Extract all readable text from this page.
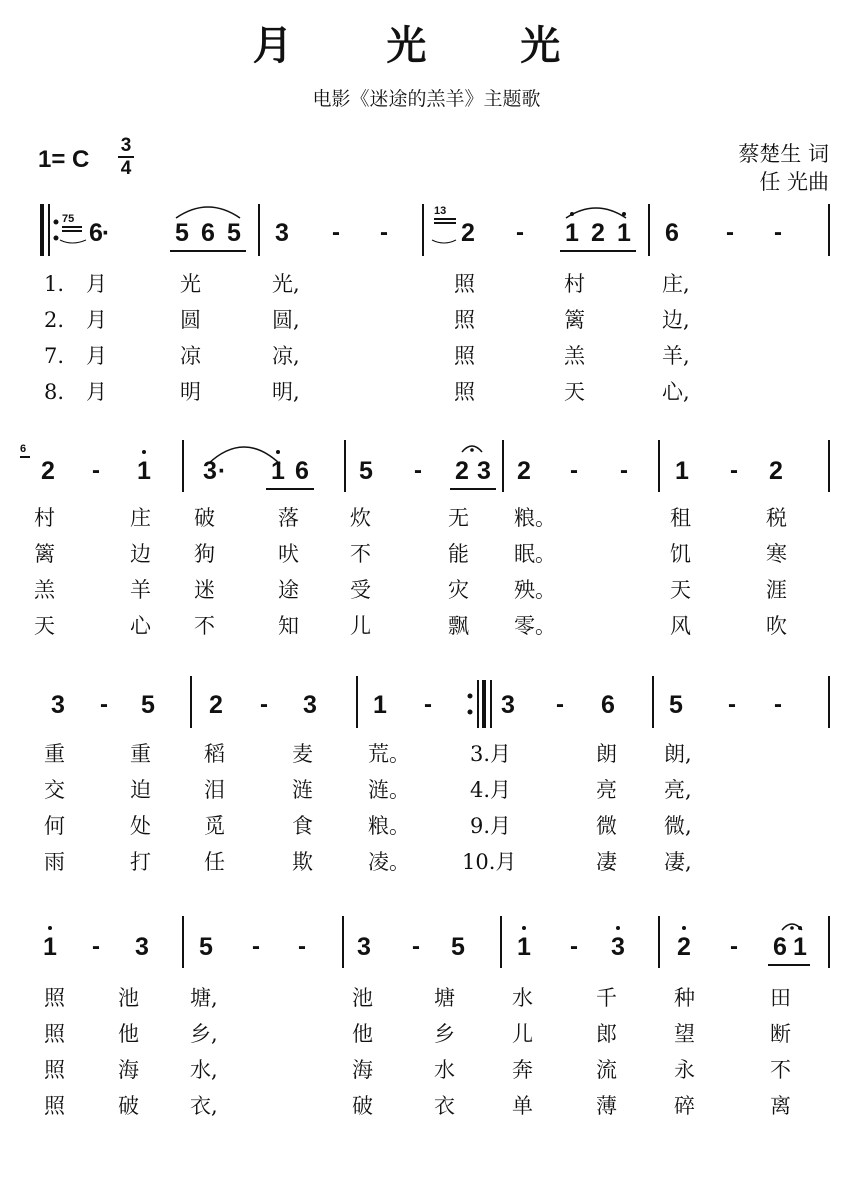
月 光 光
电影《迷途的羔羊》主题歌
1= C
3
4
蔡楚生 词
任 光曲
75 6
·	5 6 5 3 - -
13
2 - 1 2 1 6 - -
1. 月	光	光,	照	村	庄,
2. 月	圆	圆,	照	篱	边,
7. 月	凉	凉,	照	羔	羊,
8. 月	明	明,	照	天	心,
6
2 - 1 3 · 1 6 5 - 2 3 2 - - 1 - 2
村	庄 破	落 炊	无 粮。	租	税
篱	边 狗	吠 不	能 眠。	饥	寒
羔	羊 迷	途 受	灾 殃。	天	涯
天	心 不	知 儿	飘 零。	风	吹
3 - 5 2 - 3 1 -	3 - 6 5 - -
重	重	稻	麦	荒。	3.月	朗 朗,
交	迫	泪	涟	涟。	4.月	亮 亮,
何	处	觅	食	粮。	9.月	微 微,
雨	打	任	欺	凌。 10.月	凄 凄,
1 - 3 5 - - 3 - 5 1 - 3 2 - 6 1
照	池 塘,	池	塘	水	千	种	田
照	他 乡,	他	乡	儿	郎	望	断
照	海 水,	海	水	奔	流	永	不
照	破 衣,	破	衣	单	薄	碎	离
